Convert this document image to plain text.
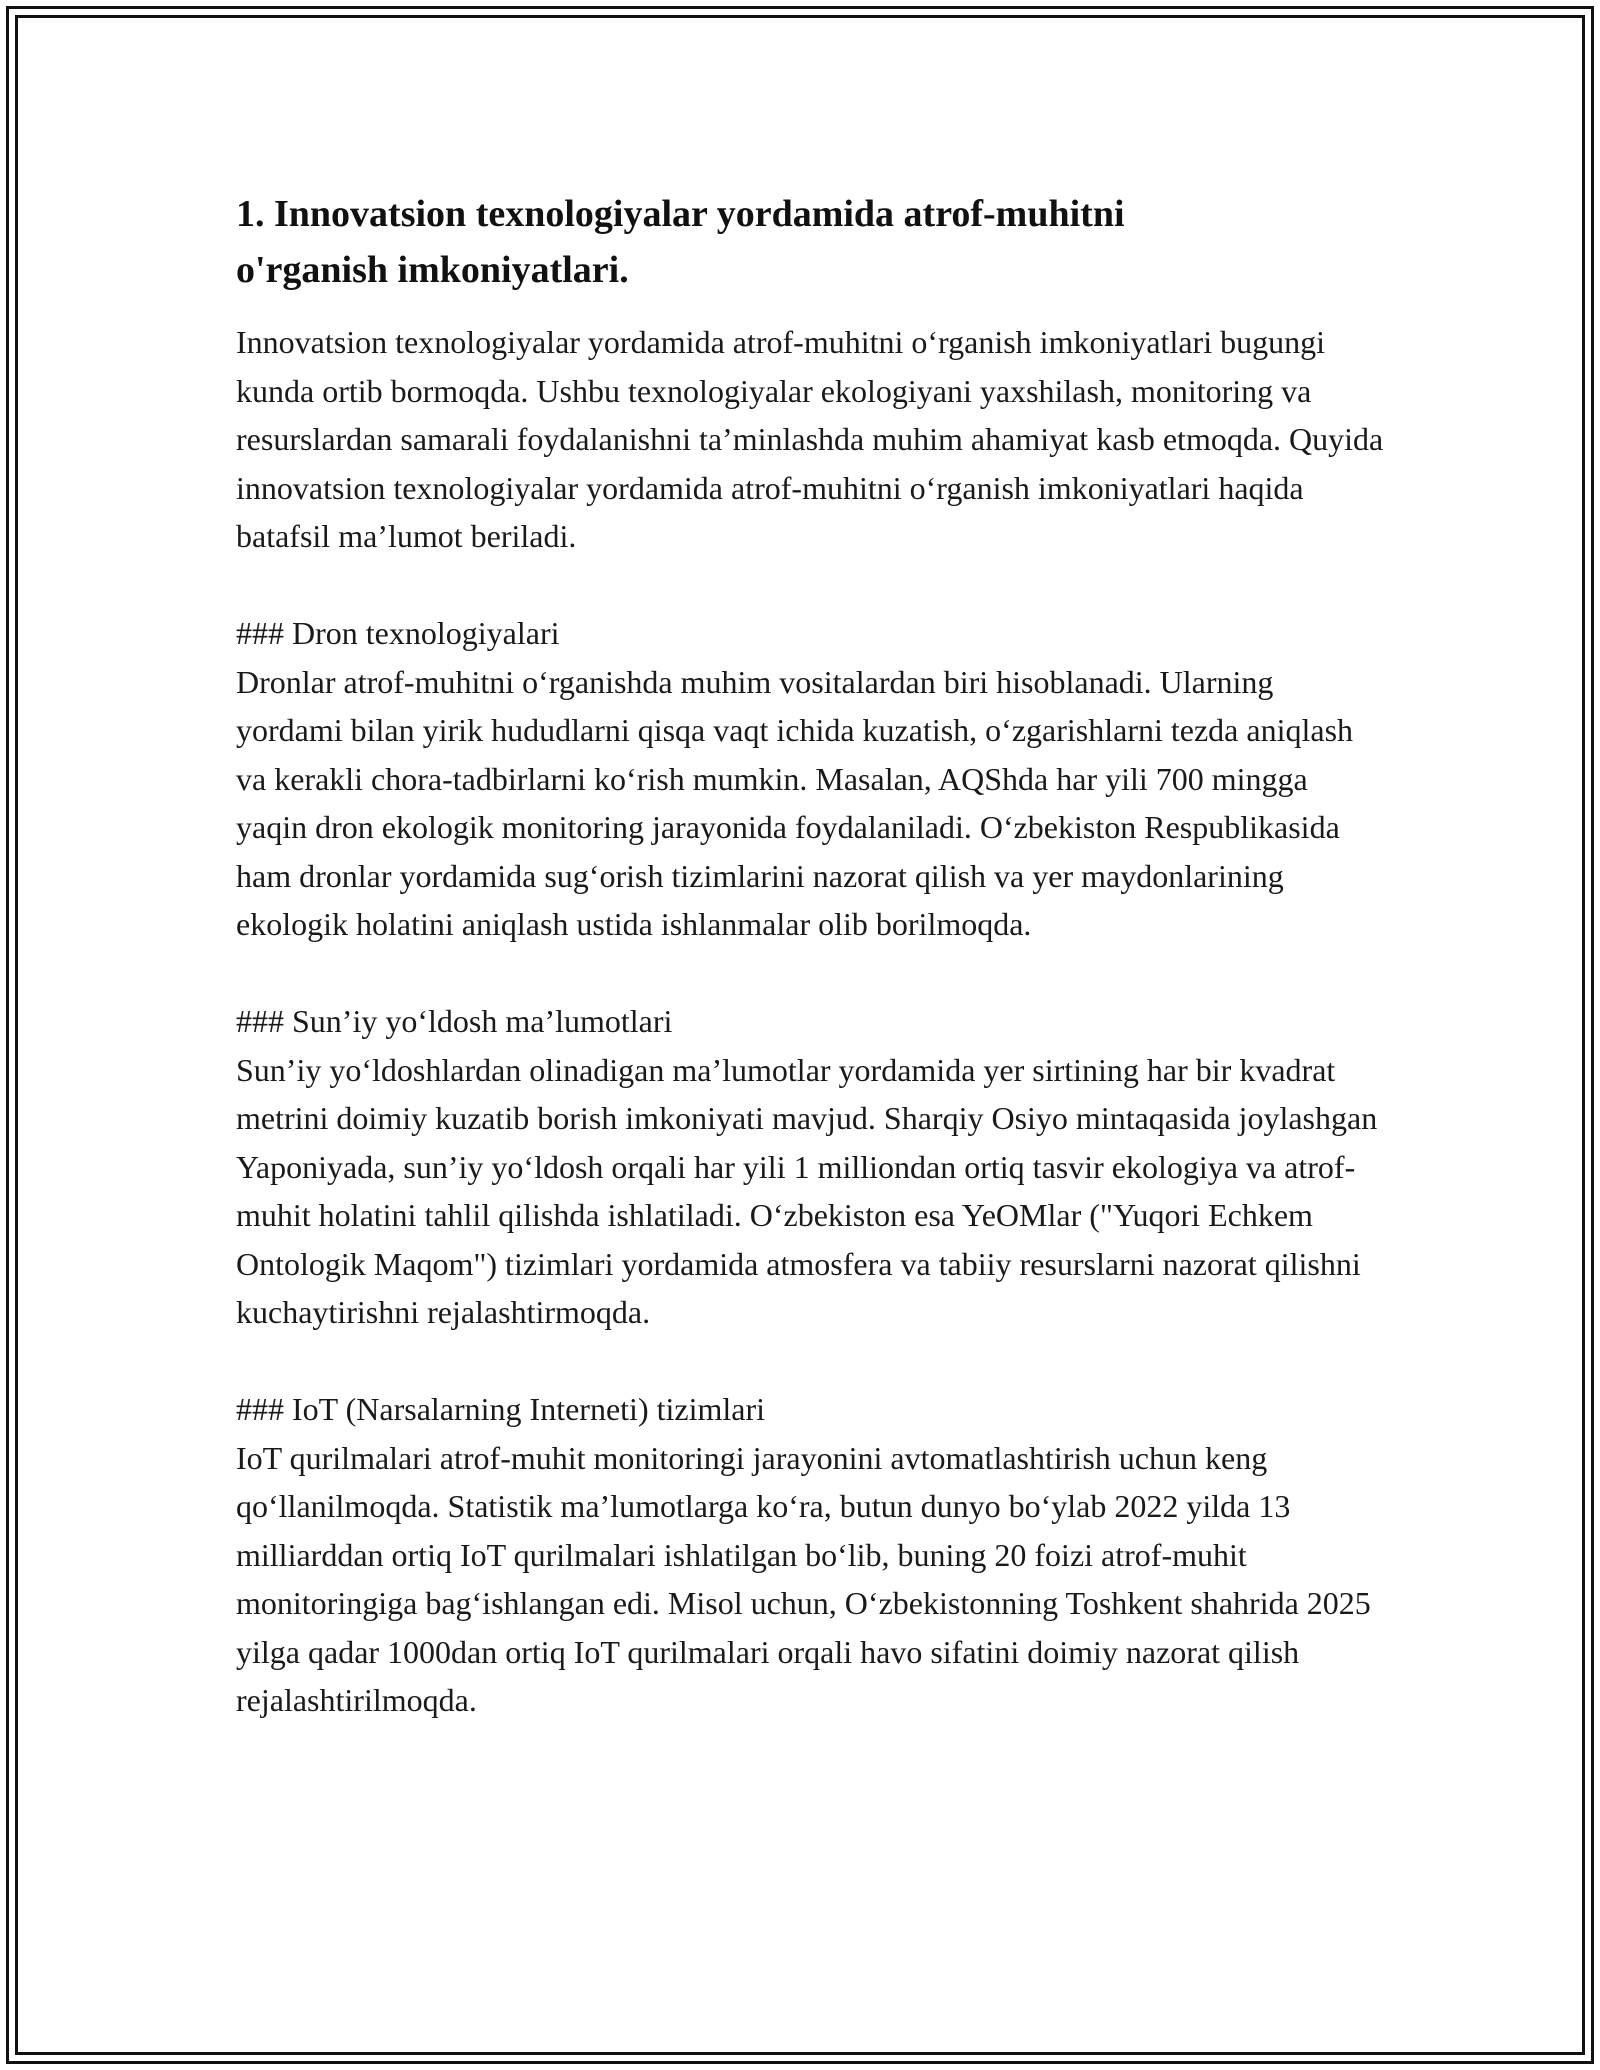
1. Innovatsion texnologiyalar yordamida atrof-muhitni
o'rganish imkoniyatlari.

Innovatsion texnologiyalar yordamida atrof-muhitni o‘rganish imkoniyatlari bugungi kunda ortib bormoqda. Ushbu texnologiyalar ekologiyani yaxshilash, monitoring va resurslardan samarali foydalanishni ta’minlashda muhim ahamiyat kasb etmoqda. Quyida innovatsion texnologiyalar yordamida atrof-muhitni o‘rganish imkoniyatlari haqida batafsil ma’lumot beriladi.

### Dron texnologiyalari

Dronlar atrof-muhitni o‘rganishda muhim vositalardan biri hisoblanadi. Ularning yordami bilan yirik hududlarni qisqa vaqt ichida kuzatish, o‘zgarishlarni tezda aniqlash va kerakli chora-tadbirlarni ko‘rish mumkin. Masalan, AQShda har yili 700 mingga yaqin dron ekologik monitoring jarayonida foydalaniladi. O‘zbekiston Respublikasida ham dronlar yordamida sug‘orish tizimlarini nazorat qilish va yer maydonlarining ekologik holatini aniqlash ustida ishlanmalar olib borilmoqda.

### Sun’iy yo‘ldosh ma’lumotlari

Sun’iy yo‘ldoshlardan olinadigan ma’lumotlar yordamida yer sirtining har bir kvadrat metrini doimiy kuzatib borish imkoniyati mavjud. Sharqiy Osiyo mintaqasida joylashgan Yaponiyada, sun’iy yo‘ldosh orqali har yili 1 milliondan ortiq tasvir ekologiya va atrof-muhit holatini tahlil qilishda ishlatiladi. O‘zbekiston esa YeOMlar ("Yuqori Echkem Ontologik Maqom") tizimlari yordamida atmosfera va tabiiy resurslarni nazorat qilishni kuchaytirishni rejalashtirmoqda.

### IoT (Narsalarning Interneti) tizimlari

IoT qurilmalari atrof-muhit monitoringi jarayonini avtomatlashtirish uchun keng qo‘llanilmoqda. Statistik ma’lumotlarga ko‘ra, butun dunyo bo‘ylab 2022 yilda 13 milliarddan ortiq IoT qurilmalari ishlatilgan bo‘lib, buning 20 foizi atrof-muhit monitoringiga bag‘ishlangan edi. Misol uchun, O‘zbekistonning Toshkent shahrida 2025 yilga qadar 1000dan ortiq IoT qurilmalari orqali havo sifatini doimiy nazorat qilish rejalashtirilmoqda.
